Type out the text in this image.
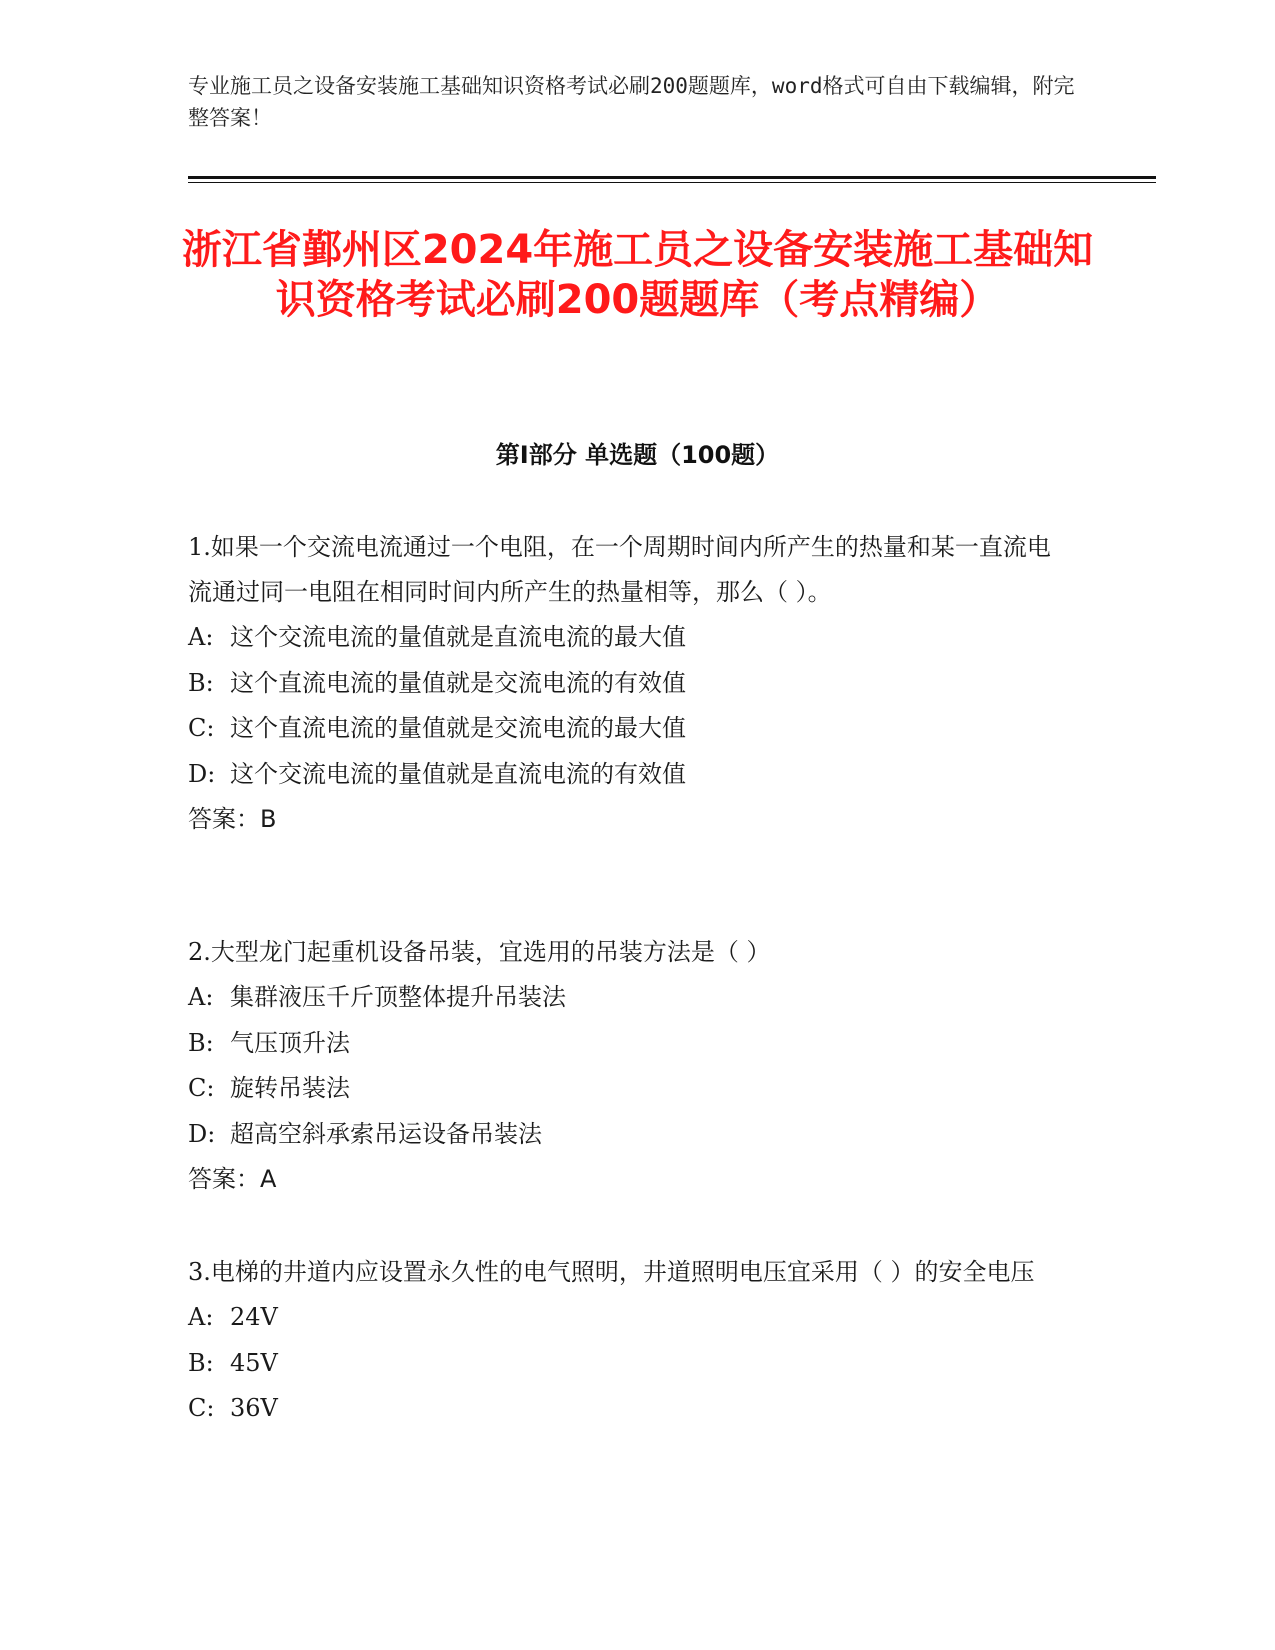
专业施工员之设备安装施工基础知识资格考试必刷200题题库，word格式可自由下载编辑，附完整答案！

浙江省鄞州区2024年施工员之设备安装施工基础知识资格考试必刷200题题库（考点精编）
第I部分 单选题（100题）

1.如果一个交流电流通过一个电阻，在一个周期时间内所产生的热量和某一直流电流通过同一电阻在相同时间内所产生的热量相等，那么（ ）。

A: 这个交流电流的量值就是直流电流的最大值

B: 这个直流电流的量值就是交流电流的有效值

C: 这个直流电流的量值就是交流电流的最大值

D: 这个交流电流的量值就是直流电流的有效值

答案：B

2.大型龙门起重机设备吊装，宜选用的吊装方法是（ ）

A: 集群液压千斤顶整体提升吊装法

B: 气压顶升法

C: 旋转吊装法

D: 超高空斜承索吊运设备吊装法

答案：A

3.电梯的井道内应设置永久性的电气照明，井道照明电压宜采用（ ）的安全电压

A: 24V

B: 45V

C: 36V
